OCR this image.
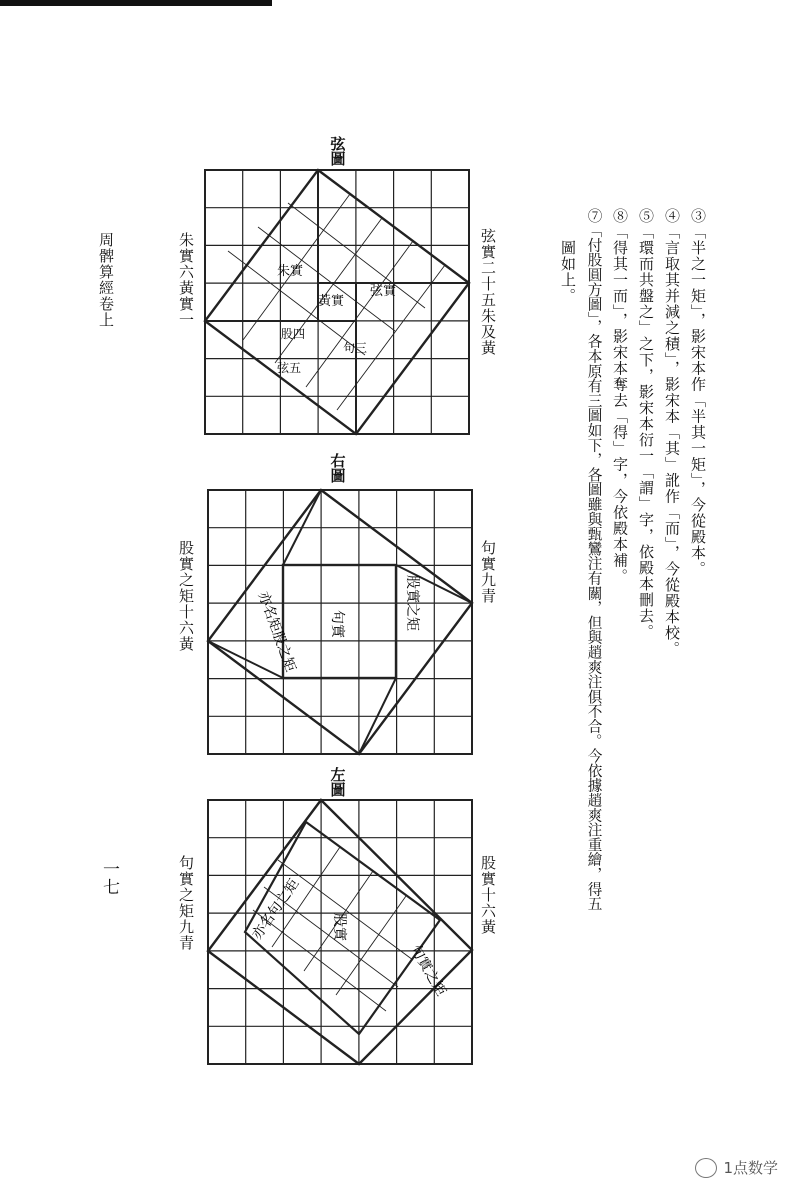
周髀算經卷上
一七
弦圖
朱實六黃實一	弦實二十五朱及黃
朱實
黃實
弦實
句三
股四
弦五
右圖
股實之矩十六黃	句實九青
亦名矩股之矩 句實	股實之矩
左圖
句實之矩九青	股實十六黃
亦名句之矩 股實
句實之矩
③「半之一矩」，影宋本作「半其一矩」，今從殿本。
④「言取其并減之積」，影宋本「其」訛作「而」，今從殿本校。
⑤「環而共盤之」之下，影宋本衍一「謂」字，依殿本刪去。
⑧「得其一而」，影宋本奪去「得」字，今依殿本補。
⑦「付股圓方圖」，各本原有三圖如下，各圖雖與甄鸞注有關，但與趙爽注俱不合。今依據趙爽注重繪，得五
圖如上。
1点数学
